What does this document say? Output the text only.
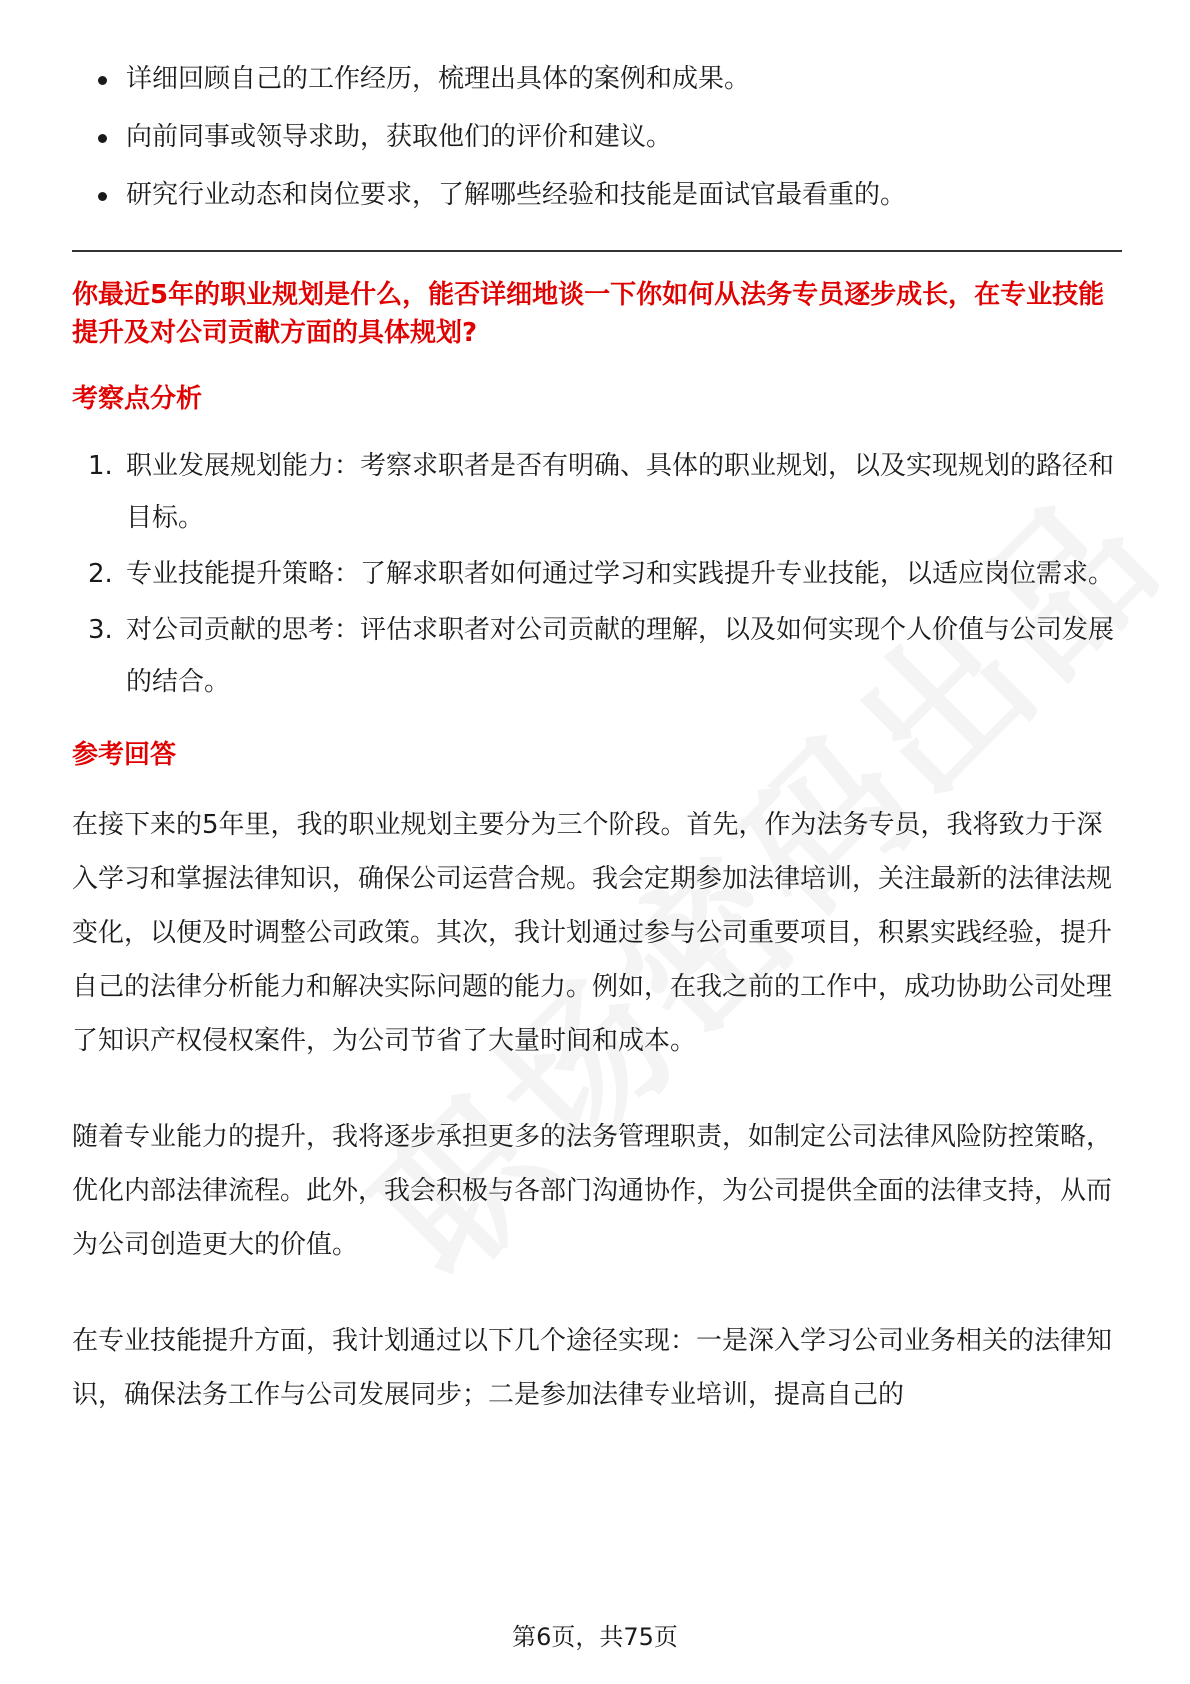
详细回顾自己的工作经历，梳理出具体的案例和成果。
向前同事或领导求助，获取他们的评价和建议。
研究行业动态和岗位要求，了解哪些经验和技能是面试官最看重的。
你最近5年的职业规划是什么，能否详细地谈一下你如何从法务专员逐步成长，在专业技能提升及对公司贡献方面的具体规划?
考察点分析
1. 职业发展规划能力：考察求职者是否有明确、具体的职业规划，以及实现规划的路径和目标。
2. 专业技能提升策略：了解求职者如何通过学习和实践提升专业技能，以适应岗位需求。
3. 对公司贡献的思考：评估求职者对公司贡献的理解，以及如何实现个人价值与公司发展的结合。
参考回答

在接下来的5年里，我的职业规划主要分为三个阶段。首先，作为法务专员，我将致力于深入学习和掌握法律知识，确保公司运营合规。我会定期参加法律培训，关注最新的法律法规变化，以便及时调整公司政策。其次，我计划通过参与公司重要项目，积累实践经验，提升自己的法律分析能力和解决实际问题的能力。例如，在我之前的工作中，成功协助公司处理了知识产权侵权案件，为公司节省了大量时间和成本。

随着专业能力的提升，我将逐步承担更多的法务管理职责，如制定公司法律风险防控策略，优化内部法律流程。此外，我会积极与各部门沟通协作，为公司提供全面的法律支持，从而为公司创造更大的价值。

在专业技能提升方面，我计划通过以下几个途径实现：一是深入学习公司业务相关的法律知识，确保法务工作与公司发展同步；二是参加法律专业培训，提高自己的

第6页，共75页
